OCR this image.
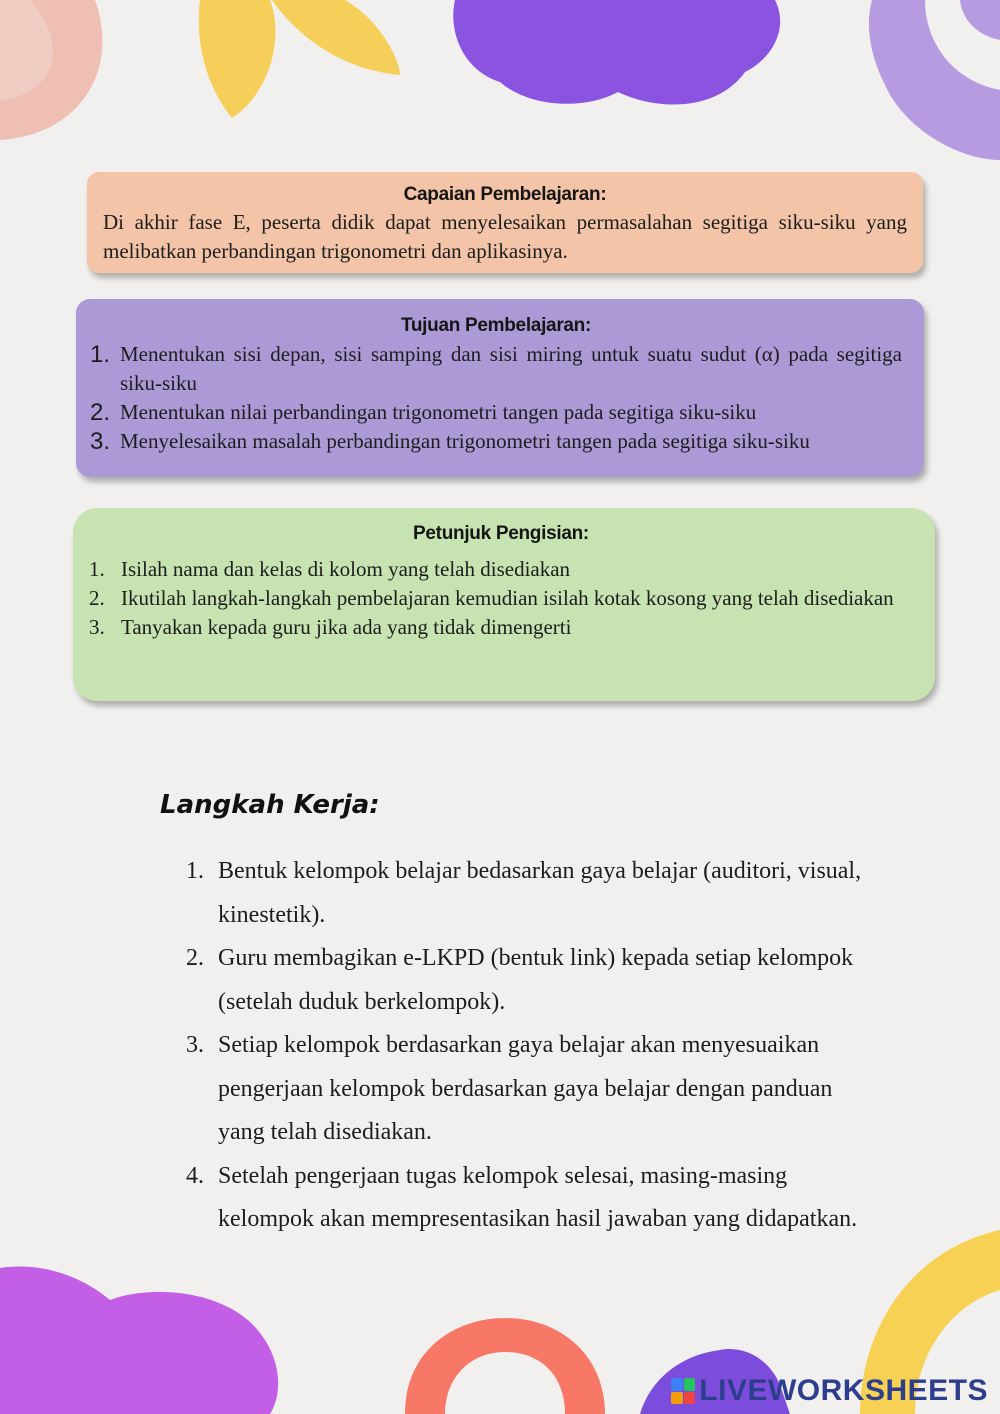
Capaian Pembelajaran:
Di akhir fase E, peserta didik dapat menyelesaikan permasalahan segitiga siku-siku yang melibatkan perbandingan trigonometri dan aplikasinya.
Tujuan Pembelajaran:
1. Menentukan sisi depan, sisi samping dan sisi miring untuk suatu sudut (α) pada segitiga siku-siku
2. Menentukan nilai perbandingan trigonometri tangen pada segitiga siku-siku
3. Menyelesaikan masalah perbandingan trigonometri tangen pada segitiga siku-siku
Petunjuk Pengisian:
1. Isilah nama dan kelas di kolom yang telah disediakan
2. Ikutilah langkah-langkah pembelajaran kemudian isilah kotak kosong yang telah disediakan
3. Tanyakan kepada guru jika ada yang tidak dimengerti
Langkah Kerja:
1. Bentuk kelompok belajar bedasarkan gaya belajar (auditori, visual, kinestetik).
2. Guru membagikan e-LKPD (bentuk link) kepada setiap kelompok (setelah duduk berkelompok).
3. Setiap kelompok berdasarkan gaya belajar akan menyesuaikan pengerjaan kelompok berdasarkan gaya belajar dengan panduan yang telah disediakan.
4. Setelah pengerjaan tugas kelompok selesai, masing-masing kelompok akan mempresentasikan hasil jawaban yang didapatkan.
LIVEWORKSHEETS
